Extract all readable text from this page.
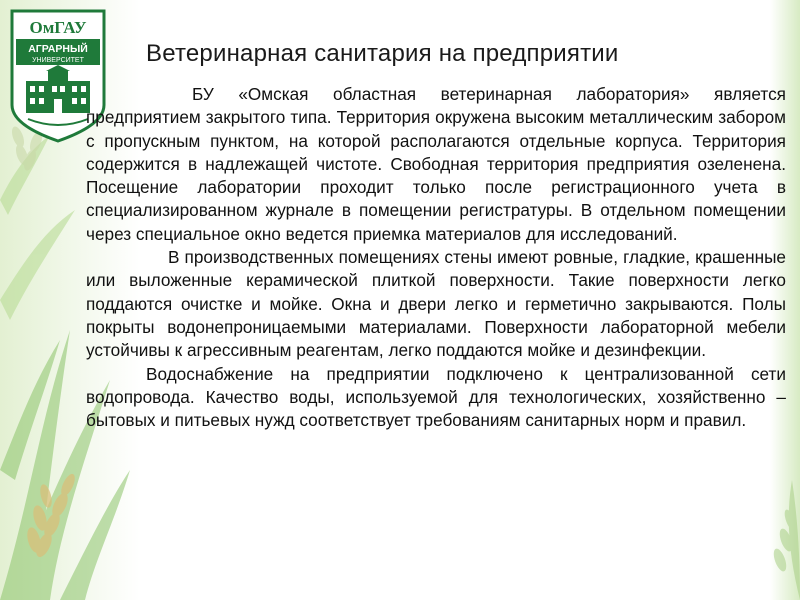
ОмГАУ
АГРАРНЫЙ
УНИВЕРСИТЕТ	Ветеринарная санитария на предприятии

БУ «Омская областная ветеринарная лаборатория» является предприятием закрытого типа. Территория окружена высоким металлическим забором с пропускным пунктом, на которой располагаются отдельные корпуса. Территория содержится в надлежащей чистоте. Свободная территория предприятия озеленена. Посещение лаборатории проходит только после регистрационного учета в специализированном журнале в помещении регистратуры. В отдельном помещении через специальное окно ведется приемка материалов для исследований.

В производственных помещениях стены имеют ровные, гладкие, крашенные или выложенные керамической плиткой поверхности. Такие поверхности легко поддаются очистке и мойке. Окна и двери легко и герметично закрываются. Полы покрыты водонепроницаемыми материалами. Поверхности лабораторной мебели устойчивы к агрессивным реагентам, легко поддаются мойке и дезинфекции.

Водоснабжение на предприятии подключено к централизованной сети водопровода. Качество воды, используемой для технологических, хозяйственно – бытовых и питьевых нужд соответствует требованиям санитарных норм и правил.
